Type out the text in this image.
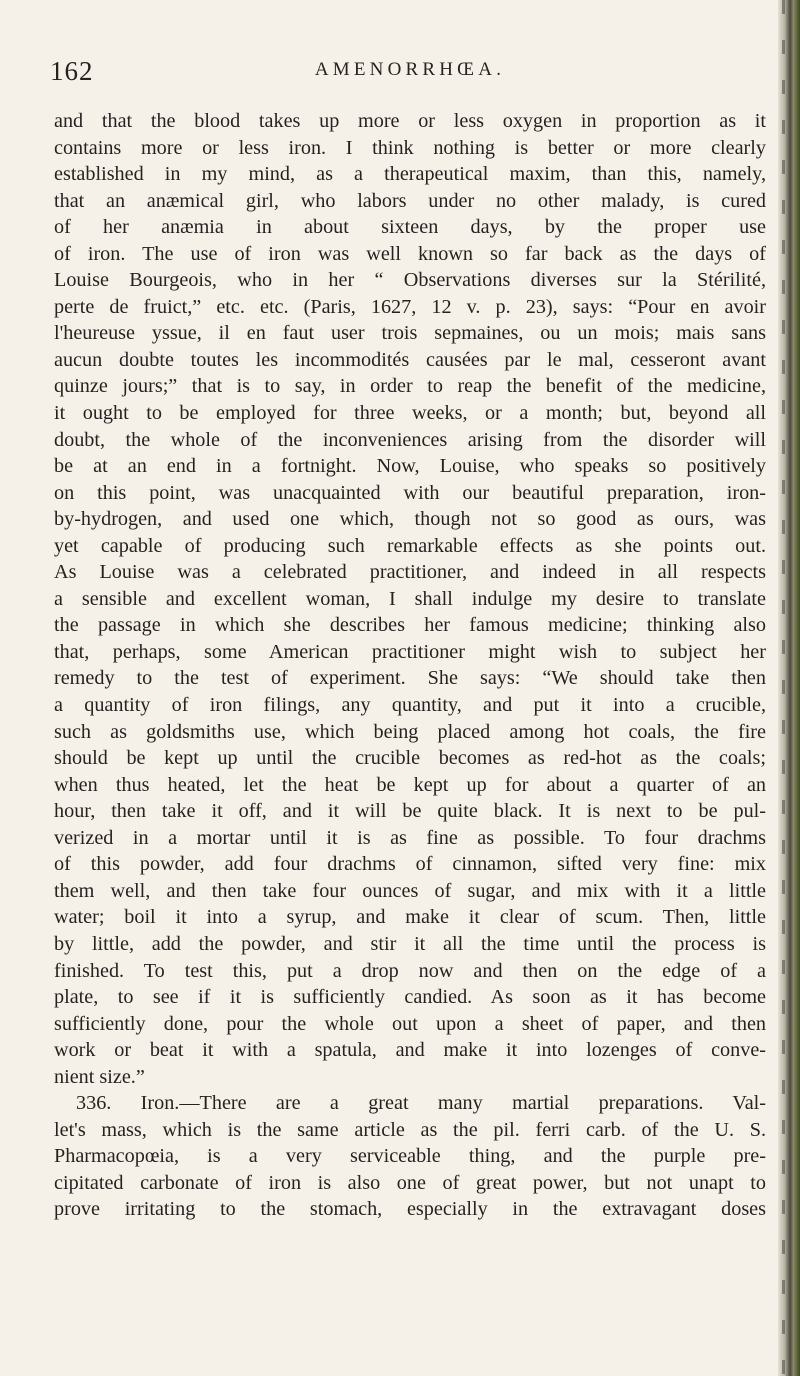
162	AMENORRHŒA.
and that the blood takes up more or less oxygen in proportion as it
contains more or less iron. I think nothing is better or more clearly
established in my mind, as a therapeutical maxim, than this, namely,
that an anæmical girl, who labors under no other malady, is cured
of her anæmia in about sixteen days, by the proper use
of iron. The use of iron was well known so far back as the days of
Louise Bourgeois, who in her “ Observations diverses sur la Stérilité,
perte de fruict,” etc. etc. (Paris, 1627, 12 v. p. 23), says: “Pour en avoir
l'heureuse yssue, il en faut user trois sepmaines, ou un mois; mais sans
aucun doubte toutes les incommodités causées par le mal, cesseront avant
quinze jours;” that is to say, in order to reap the benefit of the medicine,
it ought to be employed for three weeks, or a month; but, beyond all
doubt, the whole of the inconveniences arising from the disorder will
be at an end in a fortnight. Now, Louise, who speaks so positively
on this point, was unacquainted with our beautiful preparation, iron-
by-hydrogen, and used one which, though not so good as ours, was
yet capable of producing such remarkable effects as she points out.
As Louise was a celebrated practitioner, and indeed in all respects
a sensible and excellent woman, I shall indulge my desire to translate
the passage in which she describes her famous medicine; thinking also
that, perhaps, some American practitioner might wish to subject her
remedy to the test of experiment. She says: “We should take then
a quantity of iron filings, any quantity, and put it into a crucible,
such as goldsmiths use, which being placed among hot coals, the fire
should be kept up until the crucible becomes as red-hot as the coals;
when thus heated, let the heat be kept up for about a quarter of an
hour, then take it off, and it will be quite black. It is next to be pul-
verized in a mortar until it is as fine as possible. To four drachms
of this powder, add four drachms of cinnamon, sifted very fine: mix
them well, and then take four ounces of sugar, and mix with it a little
water; boil it into a syrup, and make it clear of scum. Then, little
by little, add the powder, and stir it all the time until the process is
finished. To test this, put a drop now and then on the edge of a
plate, to see if it is sufficiently candied. As soon as it has become
sufficiently done, pour the whole out upon a sheet of paper, and then
work or beat it with a spatula, and make it into lozenges of conve-
nient size.”
336. Iron.—There are a great many martial preparations. Val-
let's mass, which is the same article as the pil. ferri carb. of the U. S.
Pharmacopœia, is a very serviceable thing, and the purple pre-
cipitated carbonate of iron is also one of great power, but not unapt to
prove irritating to the stomach, especially in the extravagant doses
